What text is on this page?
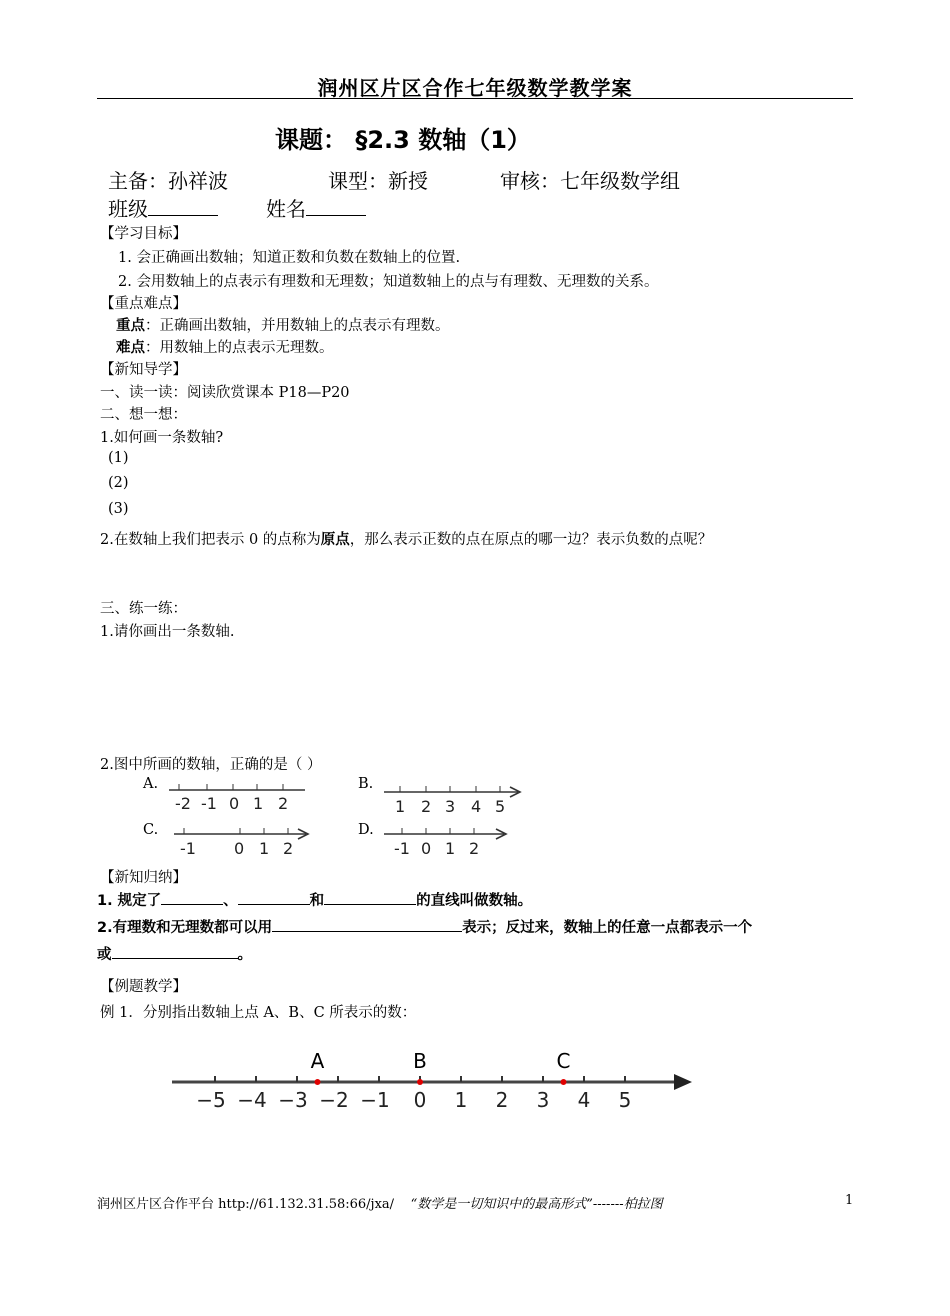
润州区片区合作七年级数学教学案
课题： §2.3 数轴（1）
主备：孙祥波	课型：新授	审核：七年级数学组
班级	姓名
【学习目标】
1. 会正确画出数轴；知道正数和负数在数轴上的位置.
2. 会用数轴上的点表示有理数和无理数；知道数轴上的点与有理数、无理数的关系。
【重点难点】
重点：正确画出数轴，并用数轴上的点表示有理数。
难点：用数轴上的点表示无理数。
【新知导学】
一、读一读：阅读欣赏课本 P18—P20
二、想一想：
1.如何画一条数轴?
(1)
(2)
(3)
2.在数轴上我们把表示 0 的点称为原点，那么表示正数的点在原点的哪一边？表示负数的点呢？
三、练一练：
1.请你画出一条数轴.
2.图中所画的数轴，正确的是（ ）
A.	B.
C.	D.
-2 -1 0 1 2	1 2 3 4 5
-1 0 1 2	-1 0 1 2
【新知归纳】
1. 规定了	、	和	的直线叫做数轴。
2.有理数和无理数都可以用	表示；反过来，数轴上的任意一点都表示一个
或	。
【例题教学】
例 1．分别指出数轴上点 A、B、C 所表示的数：
−5 −4 −3 −2 −1 0 1 2 3 4 5
A	B	C
润州区片区合作平台 http://61.132.31.58:66/jxa/ “数学是一切知识中的最高形式”-------柏拉图	1
